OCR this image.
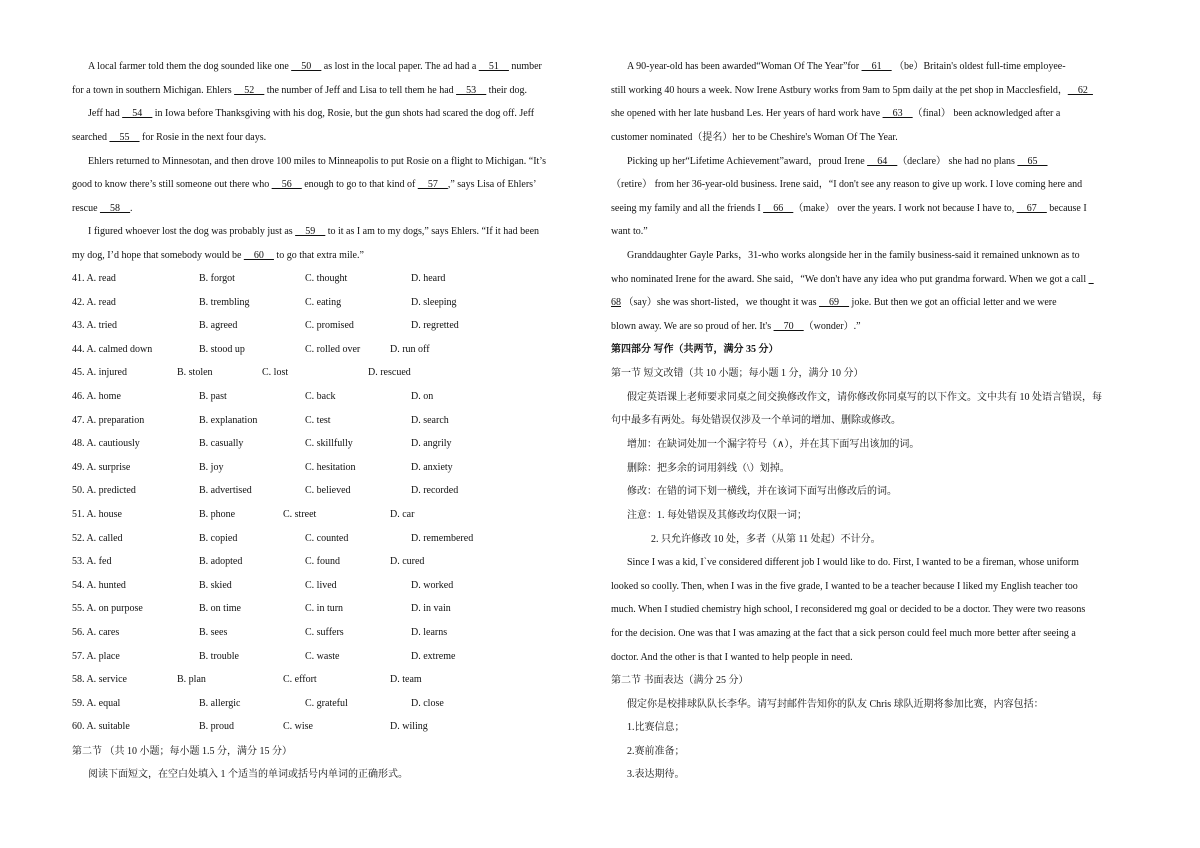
A local farmer told them the dog sounded like one __50__ as lost in the local paper. The ad had a __51__ number
for a town in southern Michigan. Ehlers __52__ the number of Jeff and Lisa to tell them he had __53__ their dog.
Jeff had __54__ in Iowa before Thanksgiving with his dog, Rosie, but the gun shots had scared the dog off. Jeff
searched __55__ for Rosie in the next four days.
Ehlers returned to Minnesotan, and then drove 100 miles to Minneapolis to put Rosie on a flight to Michigan. “It’s
good to know there’s still someone out there who __56__ enough to go to that kind of __57__,” says Lisa of Ehlers’
rescue __58__.
I figured whoever lost the dog was probably just as __59__ to it as I am to my dogs,” says Ehlers. “If it had been
my dog, I’d hope that somebody would be __60__ to go that extra mile.”
41. A. read	B. forgot	C. thought	D. heard
42. A. read	B. trembling	C. eating	D. sleeping
43. A. tried	B. agreed	C. promised	D. regretted
44. A. calmed down	B. stood up	C. rolled over	D. run off
45. A. injured	B. stolen	C. lost	D. rescued
46. A. home	B. past	C. back	D. on
47. A. preparation	B. explanation	C. test	D. search
48. A. cautiously	B. casually	C. skillfully	D. angrily
49. A. surprise	B. joy	C. hesitation	D. anxiety
50. A. predicted	B. advertised	C. believed	D. recorded
51. A. house	B. phone	C. street	D. car
52. A. called	B. copied	C. counted	D. remembered
53. A. fed	B. adopted	C. found	D. cured
54. A. hunted	B. skied	C. lived	D. worked
55. A. on purpose	B. on time	C. in turn	D. in vain
56. A. cares	B. sees	C. suffers	D. learns
57. A. place	B. trouble	C. waste	D. extreme
58. A. service	B. plan	C. effort	D. team
59. A. equal	B. allergic	C. grateful	D. close
60. A. suitable	B. proud	C. wise	D. wiling
第二节 （共 10 小题；每小题 1.5 分，满分 15 分）
阅读下面短文，在空白处填入 1 个适当的单词或括号内单词的正确形式。
A 90-year-old has been awarded“Woman Of The Year”for __61__ （be）Britain's oldest full-time employee-
still working 40 hours a week. Now Irene Astbury works from 9am to 5pm daily at the pet shop in Macclesfield，__62_
she opened with her late husband Les. Her years of hard work have __63__（final） been acknowledged after a
customer nominated（提名）her to be Cheshire's Woman Of The Year.
Picking up her“Lifetime Achievement”award，proud Irene __64__（declare） she had no plans __65__
（retire） from her 36-year-old business. Irene said，“I don't see any reason to give up work. I love coming here and
seeing my family and all the friends I __66__（make） over the years. I work not because I have to, __67__ because I
want to.”
Granddaughter Gayle Parks，31-who works alongside her in the family business-said it remained unknown as to
who nominated Irene for the award. She said，“We don't have any idea who put grandma forward. When we got a call _
68 （say）she was short-listed，we thought it was __69__ joke. But then we got an official letter and we were
blown away. We are so proud of her. It's __70__（wonder）.”
第四部分 写作（共两节，满分 35 分）
第一节 短文改错（共 10 小题；每小题 1 分，满分 10 分）
假定英语课上老师要求同桌之间交换修改作文，请你修改你同桌写的以下作文。文中共有 10 处语言错误，每
句中最多有两处。每处错误仅涉及一个单词的增加、删除或修改。
增加：在缺词处加一个漏字符号（∧），并在其下面写出该加的词。
删除：把多余的词用斜线（\）划掉。
修改：在错的词下划一横线，并在该词下面写出修改后的词。
注意：1. 每处错误及其修改均仅限一词；
2. 只允许修改 10 处，多者（从第 11 处起）不计分。
Since I was a kid, I`ve considered different job I would like to do. First, I wanted to be a fireman, whose uniform
looked so coolly. Then, when I was in the five grade, I wanted to be a teacher because I liked my English teacher too
much. When I studied chemistry high school, I reconsidered mg goal or decided to be a doctor. They were two reasons
for the decision. One was that I was amazing at the fact that a sick person could feel much more better after seeing a
doctor. And the other is that I wanted to help people in need.
第二节 书面表达（满分 25 分）
假定你是校排球队队长李华。请写封邮件告知你的队友 Chris 球队近期将参加比赛，内容包括：
1.比赛信息；
2.赛前准备；
3.表达期待。
